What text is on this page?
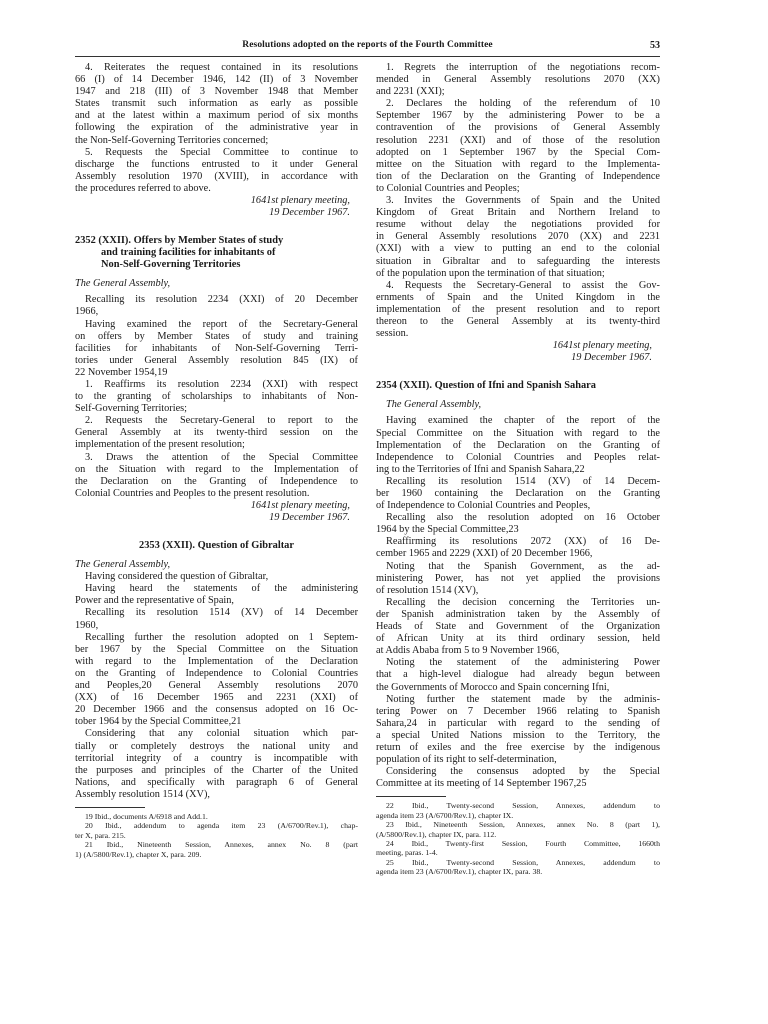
Resolutions adopted on the reports of the Fourth Committee	53
4. Reiterates the request contained in its resolutions
66 (I) of 14 December 1946, 142 (II) of 3 November
1947 and 218 (III) of 3 November 1948 that Member
States transmit such information as early as possible
and at the latest within a maximum period of six months
following the expiration of the administrative year in
the Non-Self-Governing Territories concerned;
5. Requests the Special Committee to continue to
discharge the functions entrusted to it under General
Assembly resolution 1970 (XVIII), in accordance with
the procedures referred to above.
1641st plenary meeting,
19 December 1967.
2352 (XXII). Offers by Member States of study
and training facilities for inhabitants of
Non-Self-Governing Territories
The General Assembly,
Recalling its resolution 2234 (XXI) of 20 December
1966,
Having examined the report of the Secretary-General
on offers by Member States of study and training
facilities for inhabitants of Non-Self-Governing Terri-
tories under General Assembly resolution 845 (IX) of
22 November 1954,19
1. Reaffirms its resolution 2234 (XXI) with respect
to the granting of scholarships to inhabitants of Non-
Self-Governing Territories;
2. Requests the Secretary-General to report to the
General Assembly at its twenty-third session on the
implementation of the present resolution;
3. Draws the attention of the Special Committee
on the Situation with regard to the Implementation of
the Declaration on the Granting of Independence to
Colonial Countries and Peoples to the present resolution.
1641st plenary meeting,
19 December 1967.
2353 (XXII). Question of Gibraltar
The General Assembly,
Having considered the question of Gibraltar,
Having heard the statements of the administering
Power and the representative of Spain,
Recalling its resolution 1514 (XV) of 14 December
1960,
Recalling further the resolution adopted on 1 Septem-
ber 1967 by the Special Committee on the Situation
with regard to the Implementation of the Declaration
on the Granting of Independence to Colonial Countries
and Peoples,20 General Assembly resolutions 2070
(XX) of 16 December 1965 and 2231 (XXI) of
20 December 1966 and the consensus adopted on 16 Oc-
tober 1964 by the Special Committee,21
Considering that any colonial situation which par-
tially or completely destroys the national unity and
territorial integrity of a country is incompatible with
the purposes and principles of the Charter of the United
Nations, and specifically with paragraph 6 of General
Assembly resolution 1514 (XV),
19 Ibid., documents A/6918 and Add.1.
20 Ibid., addendum to agenda item 23 (A/6700/Rev.1), chap-
ter X, para. 215.
21 Ibid., Nineteenth Session, Annexes, annex No. 8 (part
1) (A/5800/Rev.1), chapter X, para. 209.
1. Regrets the interruption of the negotiations recom-
mended in General Assembly resolutions 2070 (XX)
and 2231 (XXI);
2. Declares the holding of the referendum of 10
September 1967 by the administering Power to be a
contravention of the provisions of General Assembly
resolution 2231 (XXI) and of those of the resolution
adopted on 1 September 1967 by the Special Com-
mittee on the Situation with regard to the Implementa-
tion of the Declaration on the Granting of Independence
to Colonial Countries and Peoples;
3. Invites the Governments of Spain and the United
Kingdom of Great Britain and Northern Ireland to
resume without delay the negotiations provided for
in General Assembly resolutions 2070 (XX) and 2231
(XXI) with a view to putting an end to the colonial
situation in Gibraltar and to safeguarding the interests
of the population upon the termination of that situation;
4. Requests the Secretary-General to assist the Gov-
ernments of Spain and the United Kingdom in the
implementation of the present resolution and to report
thereon to the General Assembly at its twenty-third
session.
1641st plenary meeting,
19 December 1967.
2354 (XXII). Question of Ifni and Spanish Sahara
The General Assembly,
Having examined the chapter of the report of the
Special Committee on the Situation with regard to the
Implementation of the Declaration on the Granting of
Independence to Colonial Countries and Peoples relat-
ing to the Territories of Ifni and Spanish Sahara,22
Recalling its resolution 1514 (XV) of 14 Decem-
ber 1960 containing the Declaration on the Granting
of Independence to Colonial Countries and Peoples,
Recalling also the resolution adopted on 16 October
1964 by the Special Committee,23
Reaffirming its resolutions 2072 (XX) of 16 De-
cember 1965 and 2229 (XXI) of 20 December 1966,
Noting that the Spanish Government, as the ad-
ministering Power, has not yet applied the provisions
of resolution 1514 (XV),
Recalling the decision concerning the Territories un-
der Spanish administration taken by the Assembly of
Heads of State and Government of the Organization
of African Unity at its third ordinary session, held
at Addis Ababa from 5 to 9 November 1966,
Noting the statement of the administering Power
that a high-level dialogue had already begun between
the Governments of Morocco and Spain concerning Ifni,
Noting further the statement made by the adminis-
tering Power on 7 December 1966 relating to Spanish
Sahara,24 in particular with regard to the sending of
a special United Nations mission to the Territory, the
return of exiles and the free exercise by the indigenous
population of its right to self-determination,
Considering the consensus adopted by the Special
Committee at its meeting of 14 September 1967,25
22 Ibid., Twenty-second Session, Annexes, addendum to
agenda item 23 (A/6700/Rev.1), chapter IX.
23 Ibid., Nineteenth Session, Annexes, annex No. 8 (part 1),
(A/5800/Rev.1), chapter IX, para. 112.
24 Ibid., Twenty-first Session, Fourth Committee, 1660th
meeting, paras. 1-4.
25 Ibid., Twenty-second Session, Annexes, addendum to
agenda item 23 (A/6700/Rev.1), chapter IX, para. 38.
